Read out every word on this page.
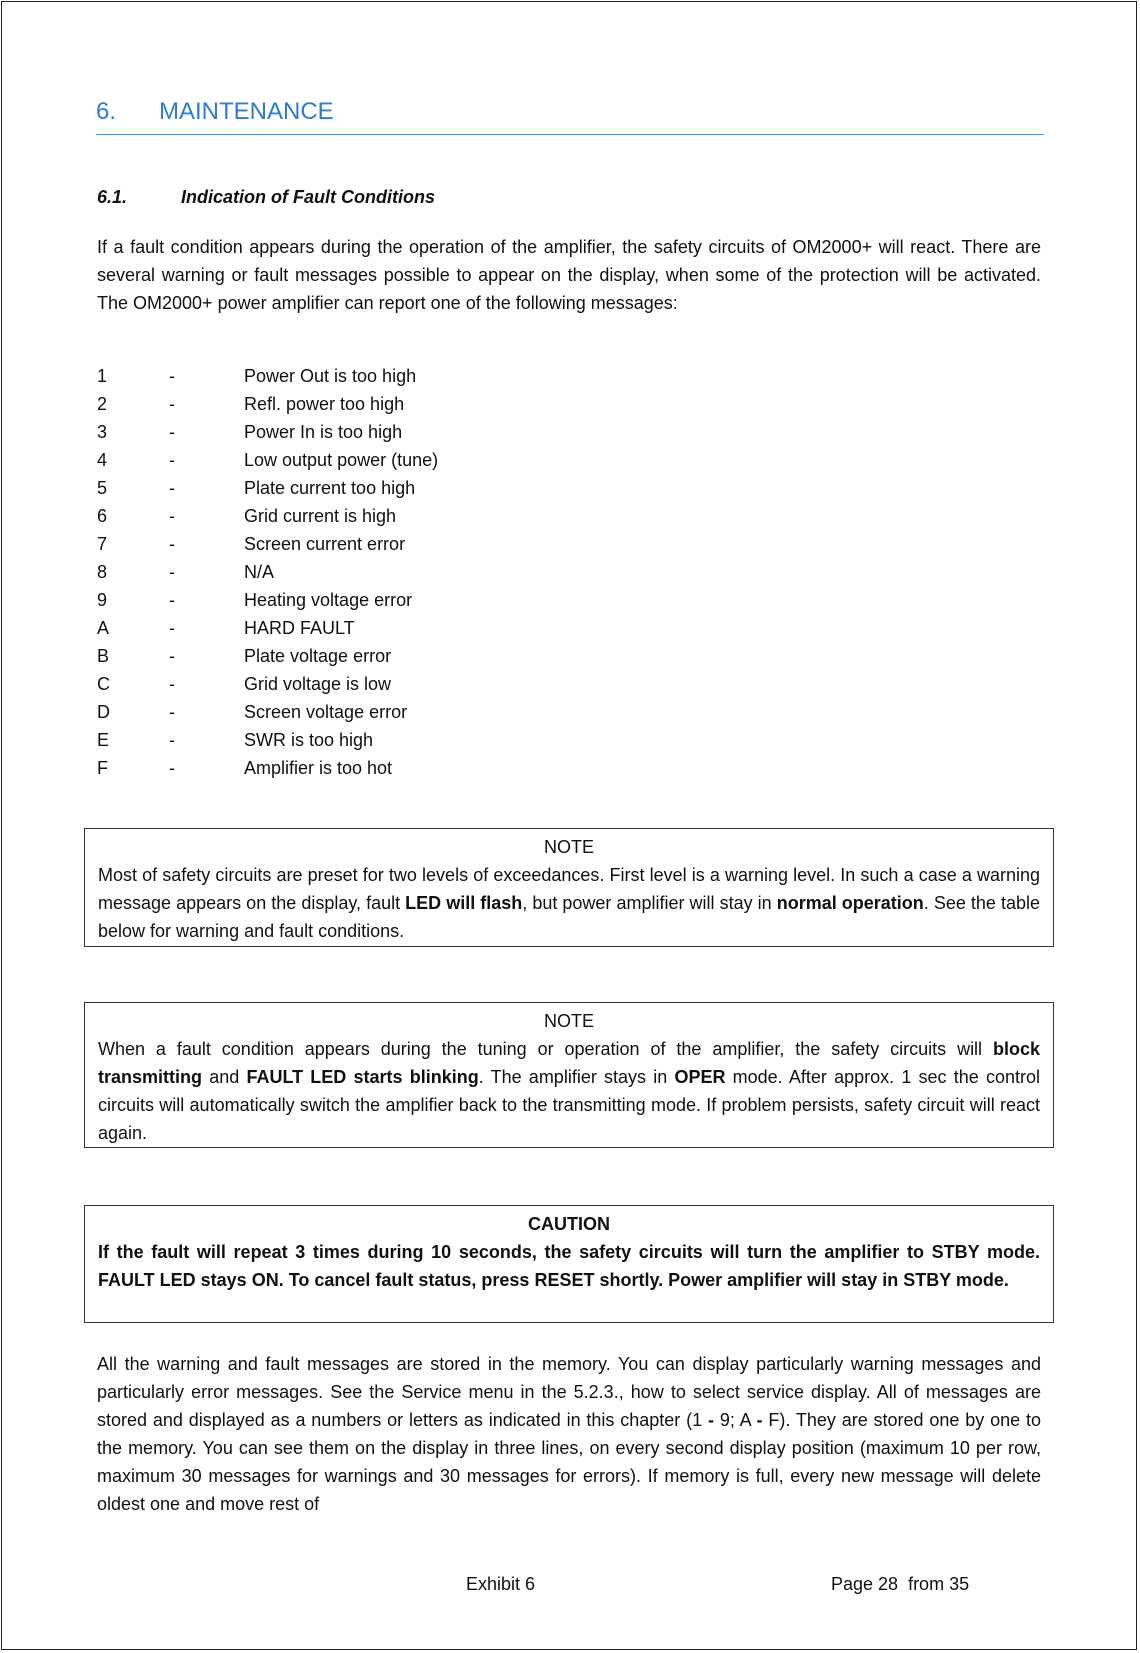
6. MAINTENANCE
6.1.	Indication of Fault Conditions

If a fault condition appears during the operation of the amplifier, the safety circuits of OM2000+ will react. There are several warning or fault messages possible to appear on the display, when some of the protection will be activated. The OM2000+ power amplifier can report one of the following messages:

1	-	Power Out is too high
2	-	Refl. power too high
3	-	Power In is too high
4	-	Low output power (tune)
5	-	Plate current too high
6	-	Grid current is high
7	-	Screen current error
8	-	N/A
9	-	Heating voltage error
A	-	HARD FAULT
B	-	Plate voltage error
C	-	Grid voltage is low
D	-	Screen voltage error
E	-	SWR is too high
F	-	Amplifier is too hot
NOTE
Most of safety circuits are preset for two levels of exceedances. First level is a warning level. In such a case a warning message appears on the display, fault LED will flash, but power amplifier will stay in normal operation. See the table below for warning and fault conditions.
NOTE
When a fault condition appears during the tuning or operation of the amplifier, the safety circuits will block transmitting and FAULT LED starts blinking. The amplifier stays in OPER mode. After approx. 1 sec the control circuits will automatically switch the amplifier back to the transmitting mode. If problem persists, safety circuit will react again.
CAUTION
If the fault will repeat 3 times during 10 seconds, the safety circuits will turn the amplifier to STBY mode. FAULT LED stays ON. To cancel fault status, press RESET shortly. Power amplifier will stay in STBY mode.

All the warning and fault messages are stored in the memory. You can display particularly warning messages and particularly error messages. See the Service menu in the 5.2.3., how to select service display. All of messages are stored and displayed as a numbers or letters as indicated in this chapter (1 - 9; A - F). They are stored one by one to the memory. You can see them on the display in three lines, on every second display position (maximum 10 per row, maximum 30 messages for warnings and 30 messages for errors). If memory is full, every new message will delete oldest one and move rest of

Exhibit 6	Page 28  from 35
